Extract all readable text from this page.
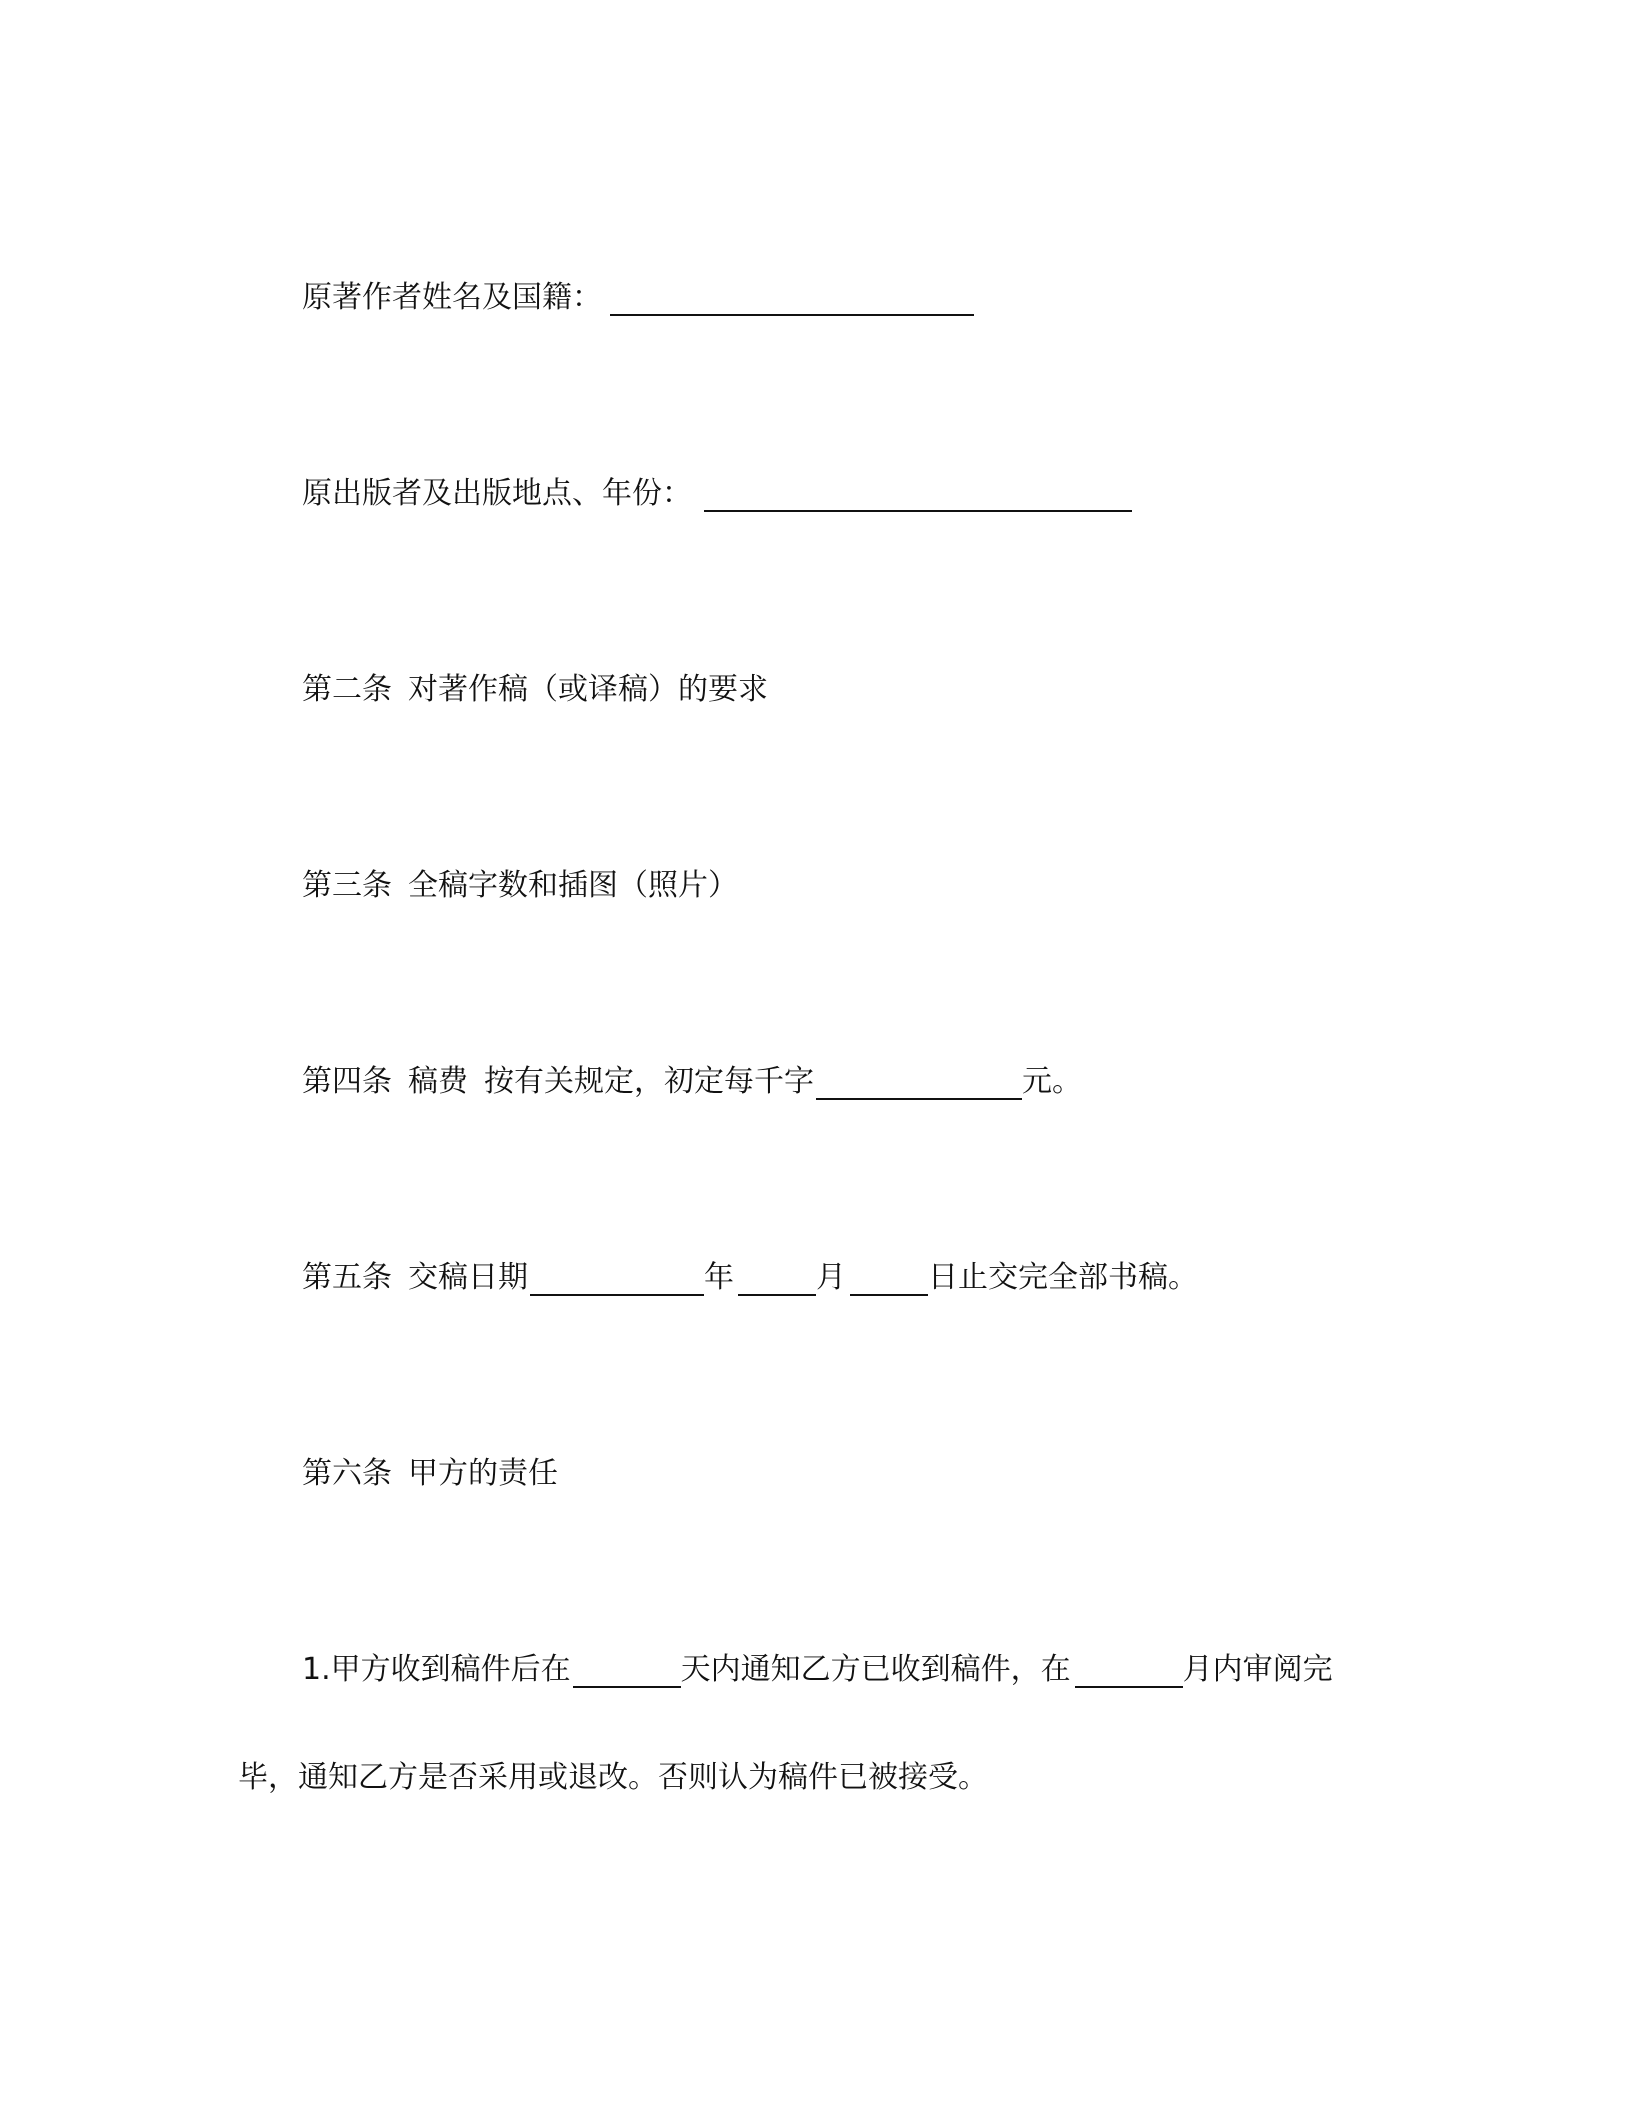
原著作者姓名及国籍：
原出版者及出版地点、年份：
第二条 对著作稿（或译稿）的要求
第三条 全稿字数和插图（照片）
第四条 稿费 按有关规定，初定每千字	元。
第五条 交稿日期	年	月	日止交完全部书稿。
第六条 甲方的责任
1.甲方收到稿件后在	天内通知乙方已收到稿件，在	月内审阅完
毕，通知乙方是否采用或退改。否则认为稿件已被接受。
